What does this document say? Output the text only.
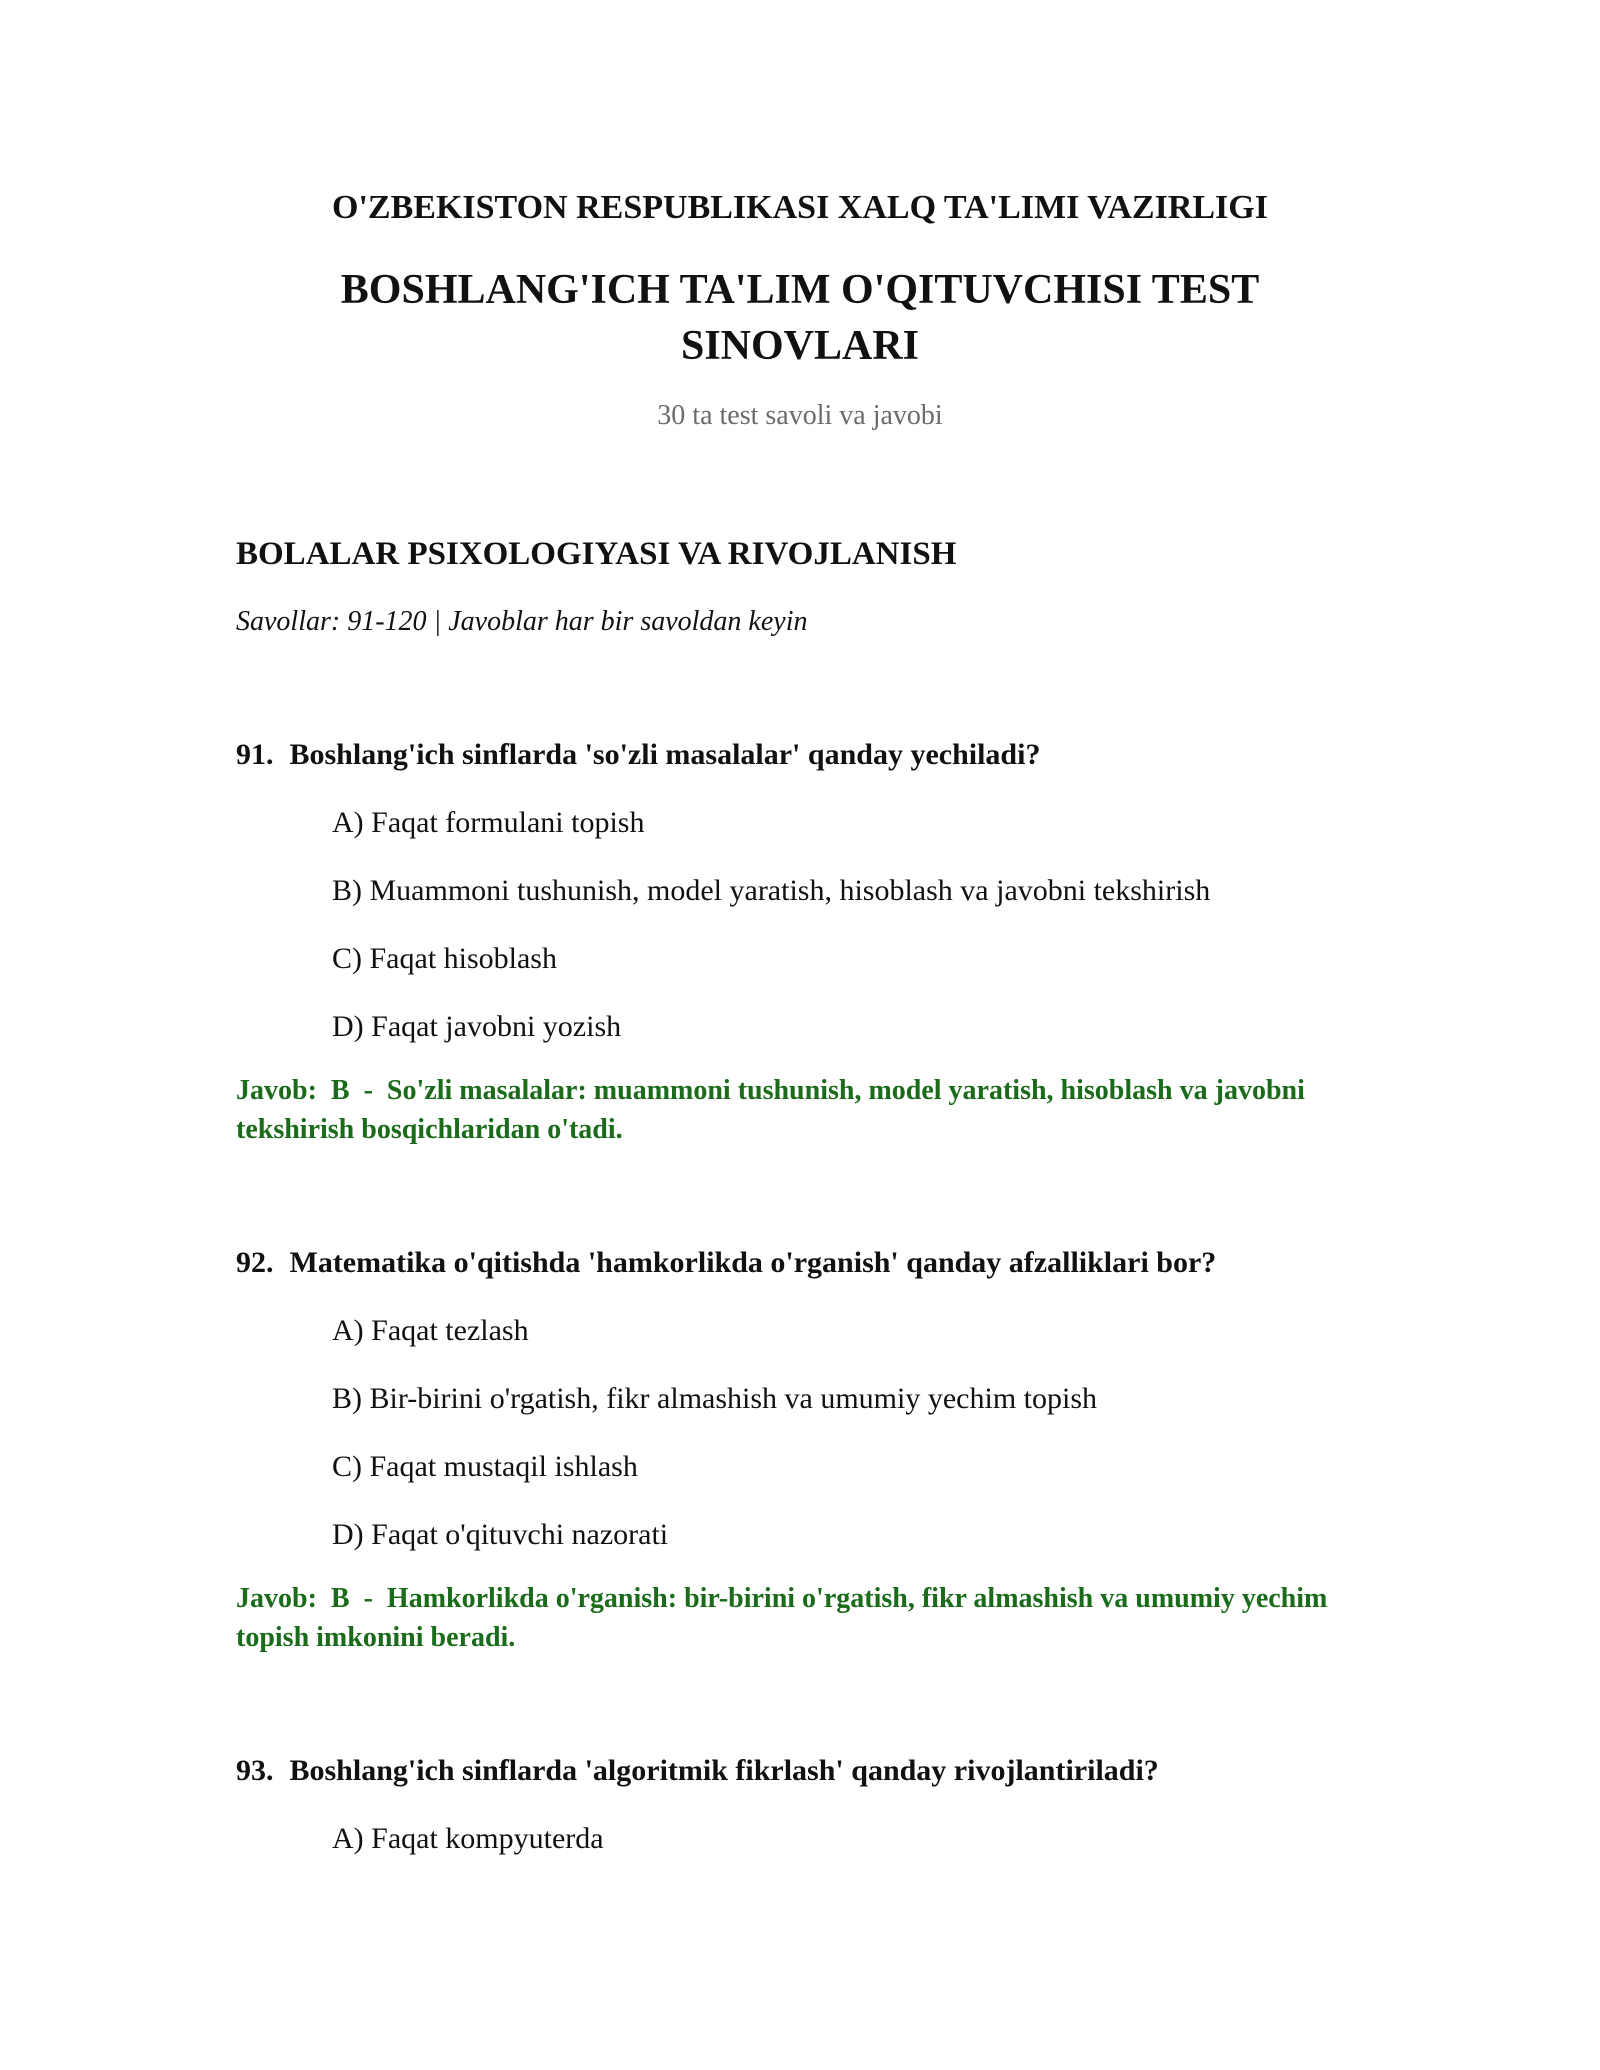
O'ZBEKISTON RESPUBLIKASI XALQ TA'LIMI VAZIRLIGI
BOSHLANG'ICH TA'LIM O'QITUVCHISI TEST SINOVLARI

30 ta test savoli va javobi

BOLALAR PSIXOLOGIYASI VA RIVOJLANISH

Savollar: 91-120 | Javoblar har bir savoldan keyin

91. Boshlang'ich sinflarda 'so'zli masalalar' qanday yechiladi?

A) Faqat formulani topish
B) Muammoni tushunish, model yaratish, hisoblash va javobni tekshirish
C) Faqat hisoblash
D) Faqat javobni yozish
Javob: B - So'zli masalalar: muammoni tushunish, model yaratish, hisoblash va javobni tekshirish bosqichlaridan o'tadi.

92. Matematika o'qitishda 'hamkorlikda o'rganish' qanday afzalliklari bor?

A) Faqat tezlash
B) Bir-birini o'rgatish, fikr almashish va umumiy yechim topish
C) Faqat mustaqil ishlash
D) Faqat o'qituvchi nazorati
Javob: B - Hamkorlikda o'rganish: bir-birini o'rgatish, fikr almashish va umumiy yechim topish imkonini beradi.

93. Boshlang'ich sinflarda 'algoritmik fikrlash' qanday rivojlantiriladi?

A) Faqat kompyuterda
